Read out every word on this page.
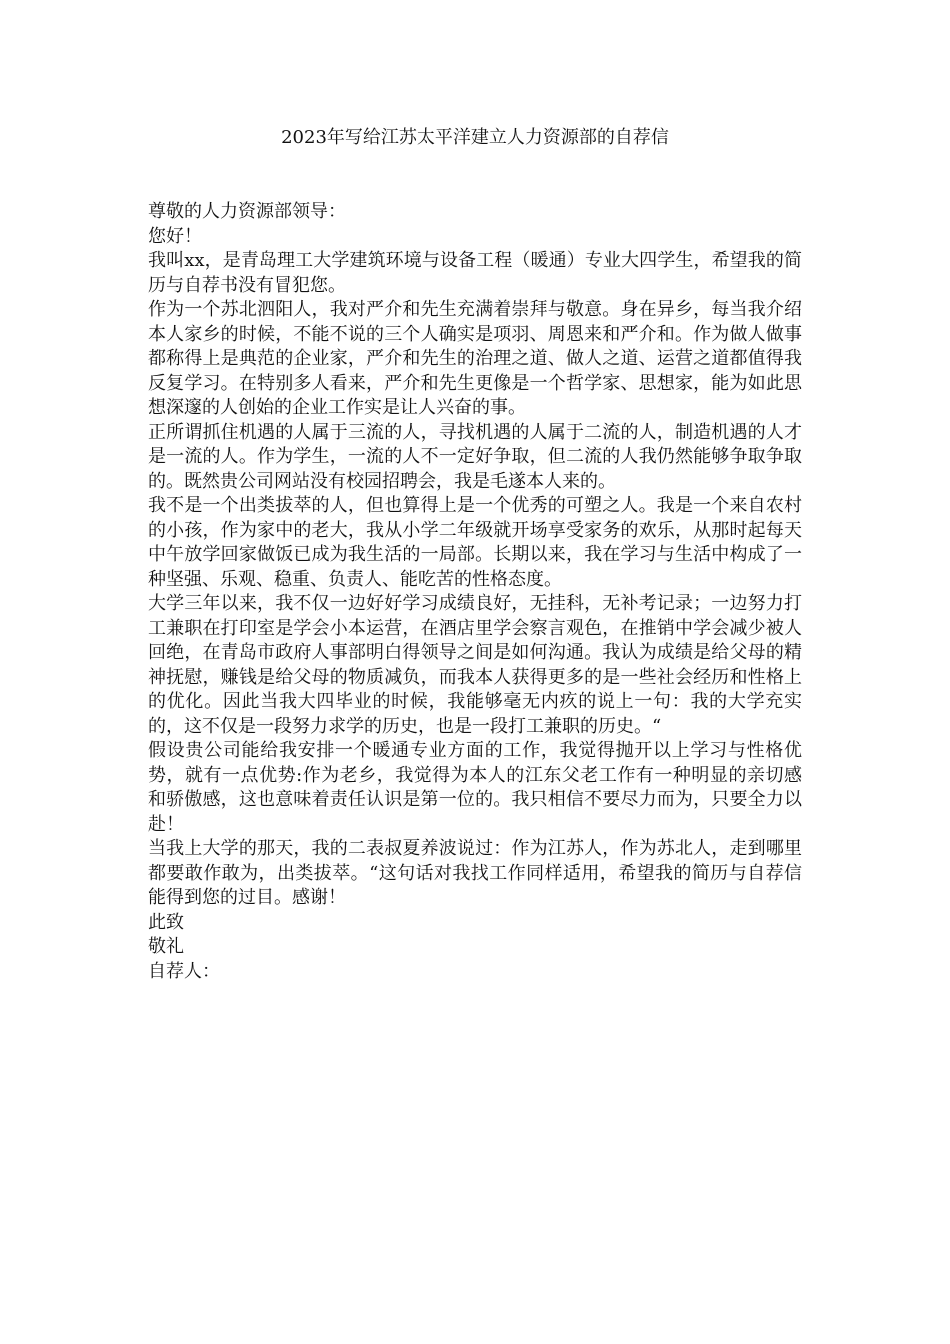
2023年写给江苏太平洋建立人力资源部的自荐信

尊敬的人力资源部领导：

您好！

我叫xx，是青岛理工大学建筑环境与设备工程（暖通）专业大四学生，希望我的简历与自荐书没有冒犯您。

作为一个苏北泗阳人，我对严介和先生充满着崇拜与敬意。身在异乡，每当我介绍本人家乡的时候，不能不说的三个人确实是项羽、周恩来和严介和。作为做人做事都称得上是典范的企业家，严介和先生的治理之道、做人之道、运营之道都值得我反复学习。在特别多人看来，严介和先生更像是一个哲学家、思想家，能为如此思想深邃的人创始的企业工作实是让人兴奋的事。

正所谓抓住机遇的人属于三流的人，寻找机遇的人属于二流的人，制造机遇的人才是一流的人。作为学生，一流的人不一定好争取，但二流的人我仍然能够争取争取的。既然贵公司网站没有校园招聘会，我是毛遂本人来的。

我不是一个出类拔萃的人，但也算得上是一个优秀的可塑之人。我是一个来自农村的小孩，作为家中的老大，我从小学二年级就开场享受家务的欢乐，从那时起每天中午放学回家做饭已成为我生活的一局部。长期以来，我在学习与生活中构成了一种坚强、乐观、稳重、负责人、能吃苦的性格态度。

大学三年以来，我不仅一边好好学习成绩良好，无挂科，无补考记录；一边努力打工兼职在打印室是学会小本运营，在酒店里学会察言观色，在推销中学会减少被人回绝，在青岛市政府人事部明白得领导之间是如何沟通。我认为成绩是给父母的精神抚慰，赚钱是给父母的物质减负，而我本人获得更多的是一些社会经历和性格上的优化。因此当我大四毕业的时候，我能够毫无内疚的说上一句：我的大学充实的，这不仅是一段努力求学的历史，也是一段打工兼职的历史。“

假设贵公司能给我安排一个暖通专业方面的工作，我觉得抛开以上学习与性格优势，就有一点优势:作为老乡，我觉得为本人的江东父老工作有一种明显的亲切感和骄傲感，这也意味着责任认识是第一位的。我只相信不要尽力而为，只要全力以赴！

当我上大学的那天，我的二表叔夏养波说过：作为江苏人，作为苏北人，走到哪里都要敢作敢为，出类拔萃。“这句话对我找工作同样适用，希望我的简历与自荐信能得到您的过目。感谢！

此致

敬礼

自荐人：
